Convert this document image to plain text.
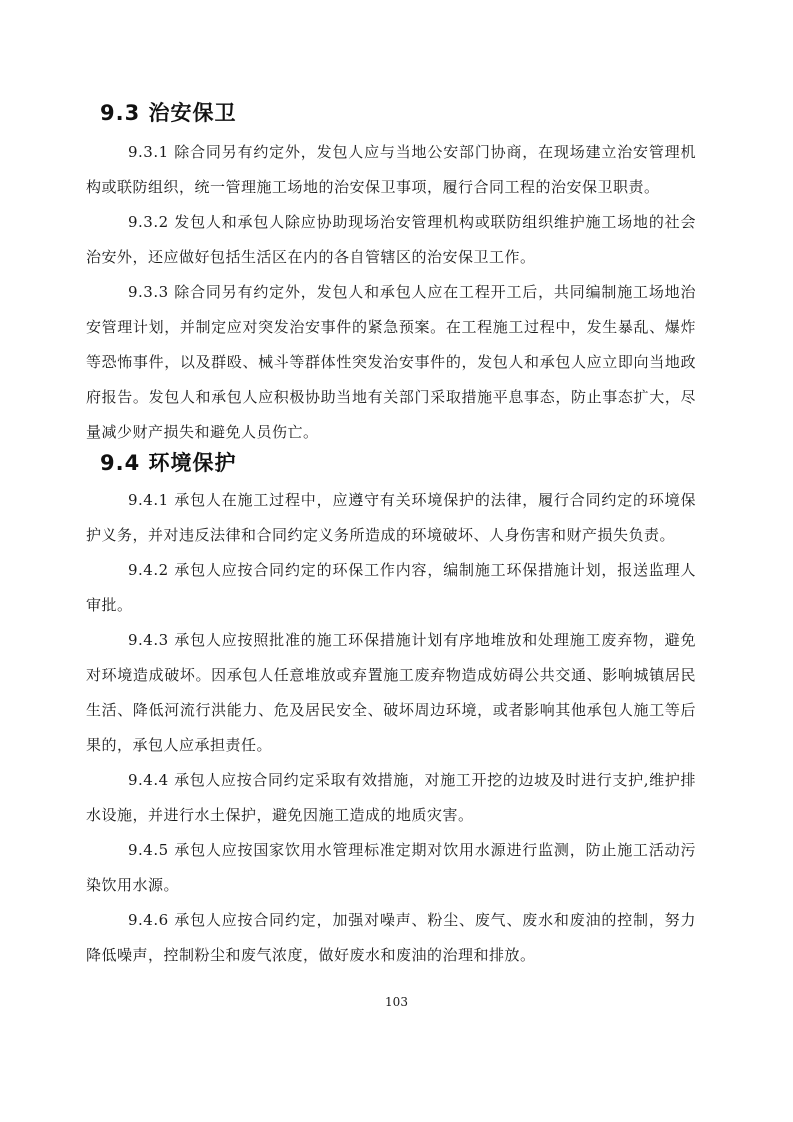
9.3 治安保卫

9.3.1 除合同另有约定外，发包人应与当地公安部门协商，在现场建立治安管理机构或联防组织，统一管理施工场地的治安保卫事项，履行合同工程的治安保卫职责。

9.3.2 发包人和承包人除应协助现场治安管理机构或联防组织维护施工场地的社会治安外，还应做好包括生活区在内的各自管辖区的治安保卫工作。

9.3.3 除合同另有约定外，发包人和承包人应在工程开工后，共同编制施工场地治安管理计划，并制定应对突发治安事件的紧急预案。在工程施工过程中，发生暴乱、爆炸等恐怖事件，以及群殴、械斗等群体性突发治安事件的，发包人和承包人应立即向当地政府报告。发包人和承包人应积极协助当地有关部门采取措施平息事态，防止事态扩大，尽量减少财产损失和避免人员伤亡。

9.4 环境保护

9.4.1 承包人在施工过程中，应遵守有关环境保护的法律，履行合同约定的环境保护义务，并对违反法律和合同约定义务所造成的环境破坏、人身伤害和财产损失负责。

9.4.2 承包人应按合同约定的环保工作内容，编制施工环保措施计划，报送监理人审批。

9.4.3 承包人应按照批准的施工环保措施计划有序地堆放和处理施工废弃物，避免对环境造成破坏。因承包人任意堆放或弃置施工废弃物造成妨碍公共交通、影响城镇居民生活、降低河流行洪能力、危及居民安全、破坏周边环境，或者影响其他承包人施工等后果的，承包人应承担责任。

9.4.4 承包人应按合同约定采取有效措施，对施工开挖的边坡及时进行支护,维护排水设施，并进行水土保护，避免因施工造成的地质灾害。

9.4.5 承包人应按国家饮用水管理标准定期对饮用水源进行监测，防止施工活动污染饮用水源。

9.4.6 承包人应按合同约定，加强对噪声、粉尘、废气、废水和废油的控制，努力降低噪声，控制粉尘和废气浓度，做好废水和废油的治理和排放。

103
